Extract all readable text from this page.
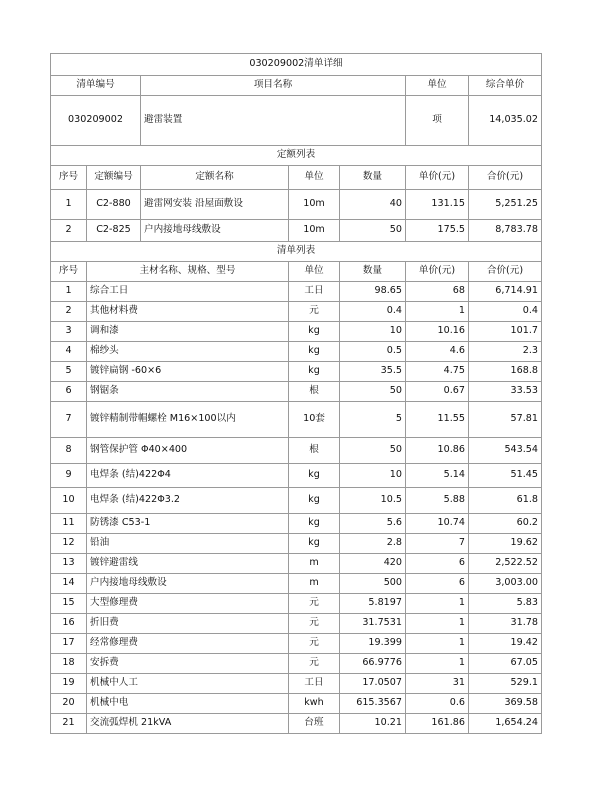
030209002清单详细						
清单编号		项目名称			单位	综合单价
030209002		避雷装置			项	14,035.02
定额列表						
序号	定额编号	定额名称	单位	数量	单价(元)	合价(元)
1	C2-880	避雷网安装 沿屋面敷设	10m	40	131.15	5,251.25
2	C2-825	户内接地母线敷设	10m	50	175.5	8,783.78
清单列表						
序号	主材名称、规格、型号		单位	数量	单价(元)	合价(元)
1	综合工日		工日	98.65	68	6,714.91
2	其他材料费		元	0.4	1	0.4
3	调和漆		kg	10	10.16	101.7
4	棉纱头		kg	0.5	4.6	2.3
5	镀锌扁钢 -60×6		kg	35.5	4.75	168.8
6	钢锯条		根	50	0.67	33.53
7	镀锌精制带帽螺栓 M16×100以内		10套	5	11.55	57.81
8	钢管保护管 Φ40×400		根	50	10.86	543.54
9	电焊条 (结)422Φ4		kg	10	5.14	51.45
10	电焊条 (结)422Φ3.2		kg	10.5	5.88	61.8
11	防锈漆 C53-1		kg	5.6	10.74	60.2
12	铅油		kg	2.8	7	19.62
13	镀锌避雷线		m	420	6	2,522.52
14	户内接地母线敷设		m	500	6	3,003.00
15	大型修理费		元	5.8197	1	5.83
16	折旧费		元	31.7531	1	31.78
17	经常修理费		元	19.399	1	19.42
18	安拆费		元	66.9776	1	67.05
19	机械中人工		工日	17.0507	31	529.1
20	机械中电		kwh	615.3567	0.6	369.58
21	交流弧焊机 21kVA		台班	10.21	161.86	1,654.24
